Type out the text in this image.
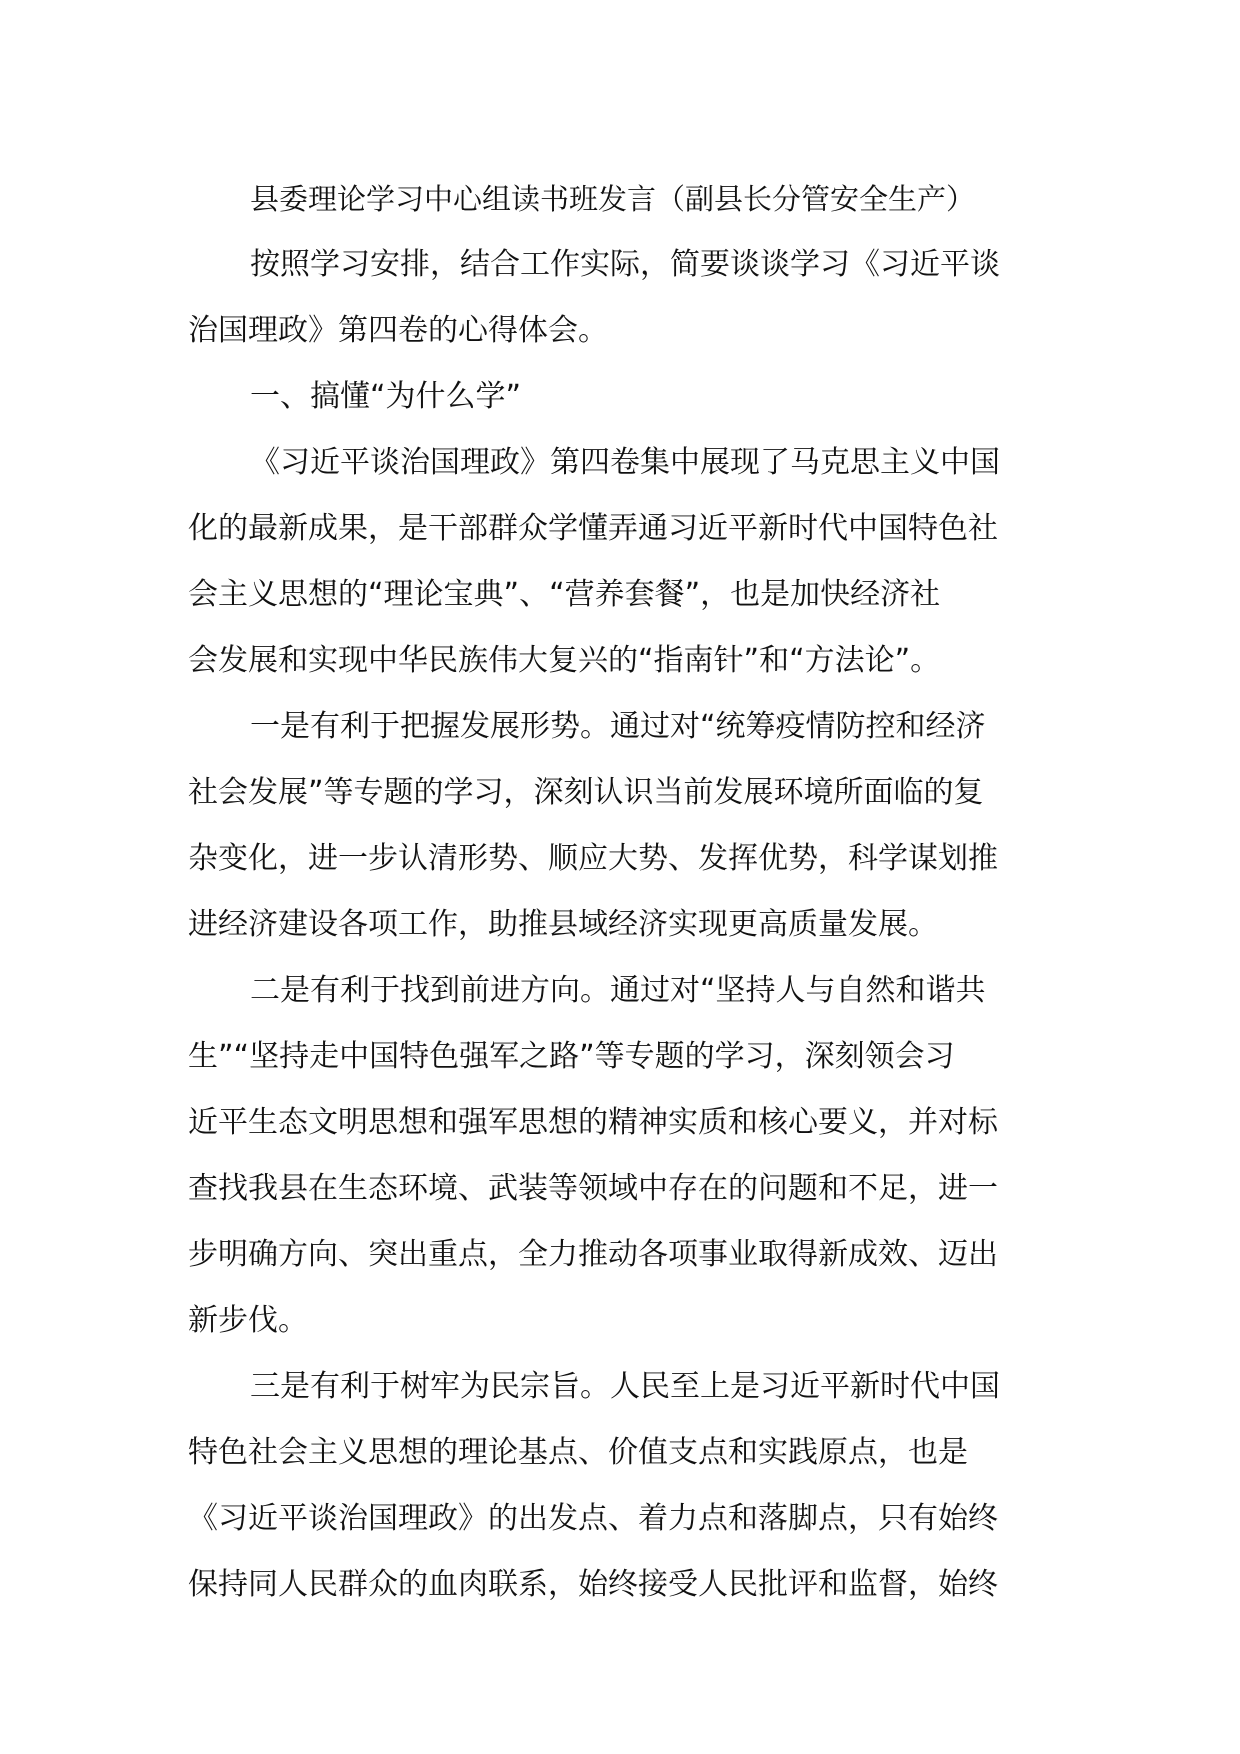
县委理论学习中心组读书班发言（副县长分管安全生产）
按照学习安排，结合工作实际，简要谈谈学习《习近平谈
治国理政》第四卷的心得体会。
一、搞懂“为什么学”
《习近平谈治国理政》第四卷集中展现了马克思主义中国
化的最新成果，是干部群众学懂弄通习近平新时代中国特色社
会主义思想的“理论宝典”、“营养套餐”，也是加快经济社
会发展和实现中华民族伟大复兴的“指南针”和“方法论”。
一是有利于把握发展形势。通过对“统筹疫情防控和经济
社会发展”等专题的学习，深刻认识当前发展环境所面临的复
杂变化，进一步认清形势、顺应大势、发挥优势，科学谋划推
进经济建设各项工作，助推县域经济实现更高质量发展。
二是有利于找到前进方向。通过对“坚持人与自然和谐共
生”“坚持走中国特色强军之路”等专题的学习，深刻领会习
近平生态文明思想和强军思想的精神实质和核心要义，并对标
查找我县在生态环境、武装等领域中存在的问题和不足，进一
步明确方向、突出重点，全力推动各项事业取得新成效、迈出
新步伐。
三是有利于树牢为民宗旨。人民至上是习近平新时代中国
特色社会主义思想的理论基点、价值支点和实践原点，也是
《习近平谈治国理政》的出发点、着力点和落脚点，只有始终
保持同人民群众的血肉联系，始终接受人民批评和监督，始终
